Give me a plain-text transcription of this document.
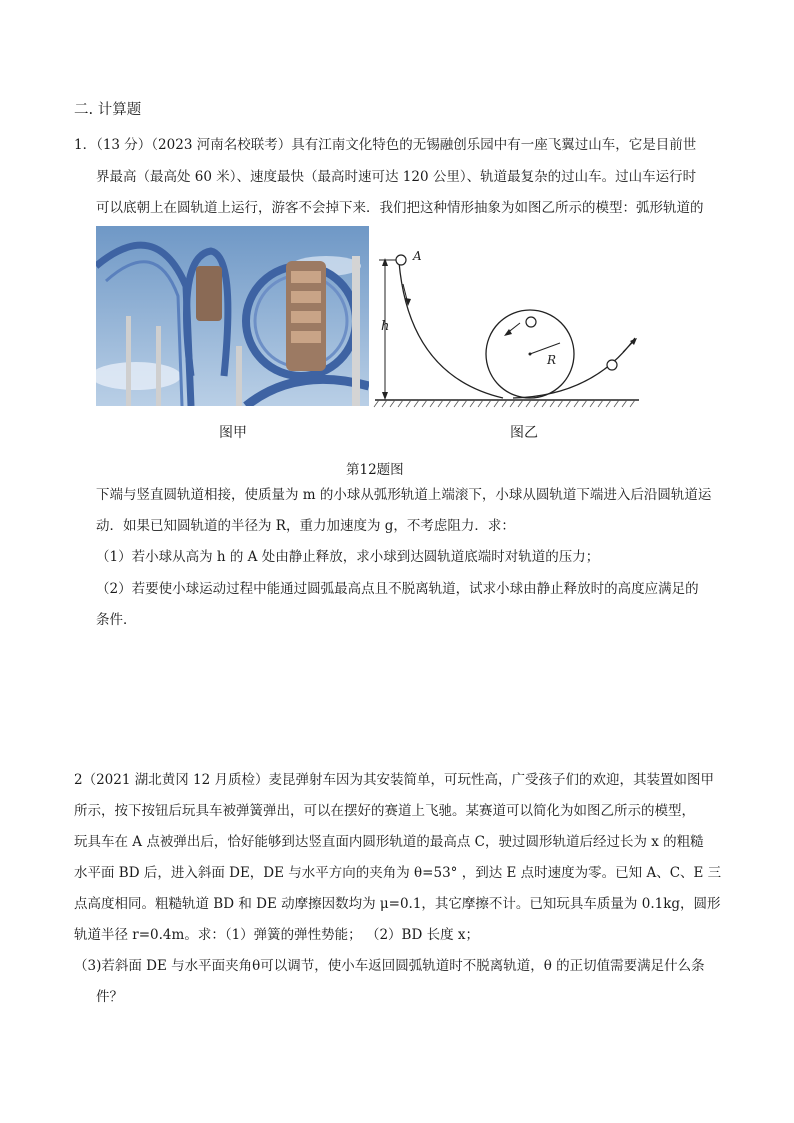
二. 计算题
1．（13 分）（2023 河南名校联考）具有江南文化特色的无锡融创乐园中有一座飞翼过山车，它是目前世
界最高（最高处 60 米）、速度最快（最高时速可达 120 公里）、轨道最复杂的过山车。过山车运行时
可以底朝上在圆轨道上运行，游客不会掉下来．我们把这种情形抽象为如图乙所示的模型：弧形轨道的
h
A
R
图甲	图乙
第12题图
下端与竖直圆轨道相接，使质量为 m 的小球从弧形轨道上端滚下，小球从圆轨道下端进入后沿圆轨道运
动．如果已知圆轨道的半径为 R，重力加速度为 g，不考虑阻力．求：
（1）若小球从高为 h 的 A 处由静止释放，求小球到达圆轨道底端时对轨道的压力；
（2）若要使小球运动过程中能通过圆弧最高点且不脱离轨道，试求小球由静止释放时的高度应满足的
条件．
2（2021 湖北黄冈 12 月质检）麦昆弹射车因为其安装简单，可玩性高，广受孩子们的欢迎，其装置如图甲
所示，按下按钮后玩具车被弹簧弹出，可以在摆好的赛道上飞驰。某赛道可以简化为如图乙所示的模型，
玩具车在 A 点被弹出后，恰好能够到达竖直面内圆形轨道的最高点 C，驶过圆形轨道后经过长为 x 的粗糙
水平面 BD 后，进入斜面 DE，DE 与水平方向的夹角为 θ=53° ，到达 E 点时速度为零。已知 A、C、E 三
点高度相同。粗糙轨道 BD 和 DE 动摩擦因数均为 μ=0.1，其它摩擦不计。已知玩具车质量为 0.1kg，圆形
轨道半径 r=0.4m。求：（1）弹簧的弹性势能； （2）BD 长度 x；
（3)若斜面 DE 与水平面夹角θ可以调节，使小车返回圆弧轨道时不脱离轨道，θ 的正切值需要满足什么条
件？
